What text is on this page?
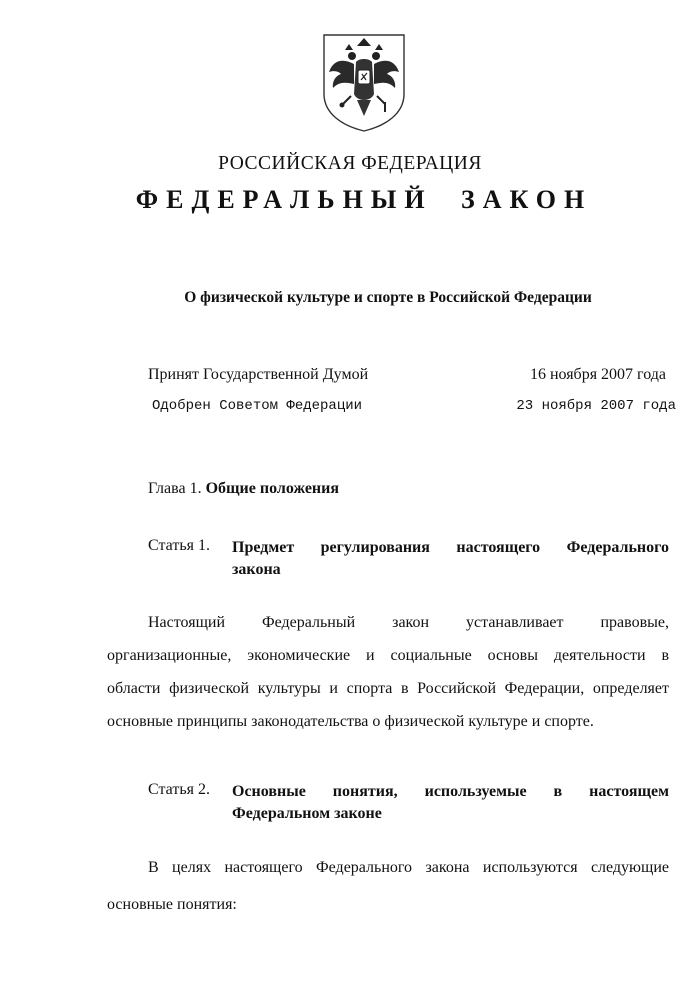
РОССИЙСКАЯ ФЕДЕРАЦИЯ
ФЕДЕРАЛЬНЫЙ ЗАКОН
О физической культуре и спорте в Российской Федерации
Принят Государственной Думой	16 ноября 2007 года
Одобрен Советом Федерации	23 ноября 2007 года
Глава 1. Общие положения
Статья 1. Предмет регулирования настоящего Федерального
закона
Настоящий Федеральный закон устанавливает правовые,
организационные, экономические и социальные основы деятельности в
области физической культуры и спорта в Российской Федерации, определяет
основные принципы законодательства о физической культуре и спорте.
Статья 2. Основные понятия, используемые в настоящем
Федеральном законе
В целях настоящего Федерального закона используются следующие
основные понятия:
